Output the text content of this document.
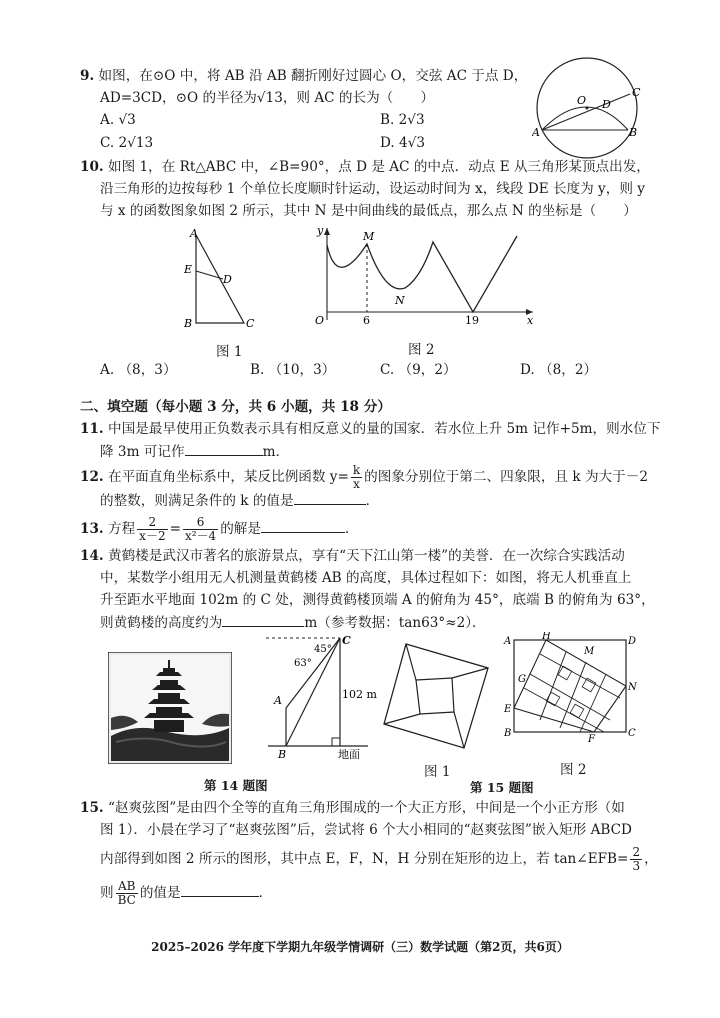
9. 如图，在⊙O 中，将 AB 沿 AB 翻折刚好过圆心 O，交弦 AC 于点 D，
AD=3CD，⊙O 的半径为√13，则 AC 的长为（　　）
A. √3	B. 2√3
C. 2√13	D. 4√3
O D
C
A	B
10. 如图 1，在 Rt△ABC 中，∠B=90°，点 D 是 AC 的中点．动点 E 从三角形某顶点出发，
沿三角形的边按每秒 1 个单位长度顺时针运动，设运动时间为 x，线段 DE 长度为 y，则 y
与 x 的函数图象如图 2 所示，其中 N 是中间曲线的最低点，那么点 N 的坐标是（　　）
A
E
D
B	C
图 1
y	M
N
O	6	19	x
图 2
A. （8，3）	B. （10，3）	C. （9，2）	D. （8，2）
二、填空题（每小题 3 分，共 6 小题，共 18 分）
11. 中国是最早使用正负数表示具有相反意义的量的国家．若水位上升 5m 记作+5m，则水位下
降 3m 可记作	m．
12. 在平面直角坐标系中，某反比例函数 $y= \frac{k}{x}$ 的图象分别位于第二、四象限，且 k 为大于－2
的整数，则满足条件的 k 的值是	．
13. 方程 $\frac{2}{x-2} = \frac{6}{\text{x²－4}}$ 的解是	．
14. 黄鹤楼是武汉市著名的旅游景点，享有“天下江山第一楼”的美誉．在一次综合实践活动
中，某数学小组用无人机测量黄鹤楼 AB 的高度，具体过程如下：如图，将无人机垂直上
升至距水平地面 102m 的 C 处，测得黄鹤楼顶端 A 的俯角为 45°，底端 B 的俯角为 63°，
则黄鹤楼的高度约为	m（参考数据：tan63°≈2）．
第 14 题图
C
45°
63°
A	102 m
B	地面
图 1
A	H	D
M
G
N
E
B
F
C
图 2
第 15 题图
15. “赵爽弦图”是由四个全等的直角三角形围成的一个大正方形，中间是一个小正方形（如
图 1）．小晨在学习了“赵爽弦图”后，尝试将 6 个大小相同的“赵爽弦图”嵌入矩形 ABCD
内部得到如图 2 所示的图形，其中点 E，F，N，H 分别在矩形的边上，若 tan∠EFB= $\frac{2}{3}$ ，
则 $\frac{AB}{BC}$ 的值是	．
2025–2026 学年度下学期九年级学情调研（三）数学试题（第2页，共6页）
